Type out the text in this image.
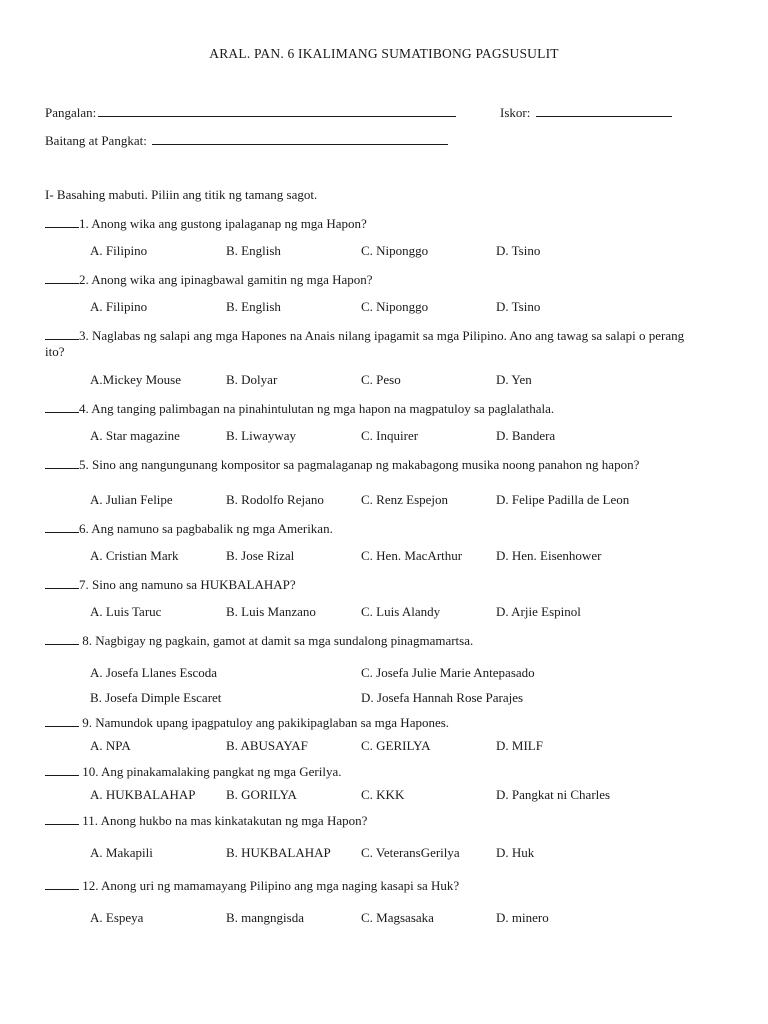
ARAL. PAN. 6 IKALIMANG SUMATIBONG PAGSUSULIT
Pangalan:	Iskor:
Baitang at Pangkat:
I- Basahing mabuti. Piliin ang titik ng tamang sagot.
1. Anong wika ang gustong ipalaganap ng mga Hapon?
A. Filipino	B. English	C. Niponggo	D. Tsino
2. Anong wika ang ipinagbawal gamitin ng mga Hapon?
A. Filipino	B. English	C. Niponggo	D. Tsino
3. Naglabas ng salapi ang mga Hapones na Anais nilang ipagamit sa mga Pilipino. Ano ang tawag sa salapi o perang ito?
A.Mickey Mouse	B. Dolyar	C. Peso	D. Yen
4. Ang tanging palimbagan na pinahintulutan ng mga hapon na magpatuloy sa paglalathala.
A. Star magazine	B. Liwayway	C. Inquirer	D. Bandera
5. Sino ang nangungunang kompositor sa pagmalaganap ng makabagong musika noong panahon ng hapon?
A. Julian Felipe	B. Rodolfo Rejano	C. Renz Espejon	D. Felipe Padilla de Leon
6. Ang namuno sa pagbabalik ng mga Amerikan.
A. Cristian Mark	B. Jose Rizal	C. Hen. MacArthur	D. Hen. Eisenhower
7. Sino ang namuno sa HUKBALAHAP?
A. Luis Taruc	B. Luis Manzano	C. Luis Alandy	D. Arjie Espinol
8. Nagbigay ng pagkain, gamot at damit sa mga sundalong pinagmamartsa.
A. Josefa Llanes Escoda	C. Josefa Julie Marie Antepasado
B. Josefa Dimple Escaret	D. Josefa Hannah Rose Parajes
9. Namundok upang ipagpatuloy ang pakikipaglaban sa mga Hapones.
A. NPA	B. ABUSAYAF	C. GERILYA	D. MILF
10. Ang pinakamalaking pangkat ng mga Gerilya.
A. HUKBALAHAP B. GORILYA	C. KKK	D. Pangkat ni Charles
11. Anong hukbo na mas kinkatakutan ng mga Hapon?
A. Makapili	B. HUKBALAHAP C. VeteransGerilya	D. Huk
12. Anong uri ng mamamayang Pilipino ang mga naging kasapi sa Huk?
A. Espeya	B. mangngisda	C. Magsasaka	D. minero
